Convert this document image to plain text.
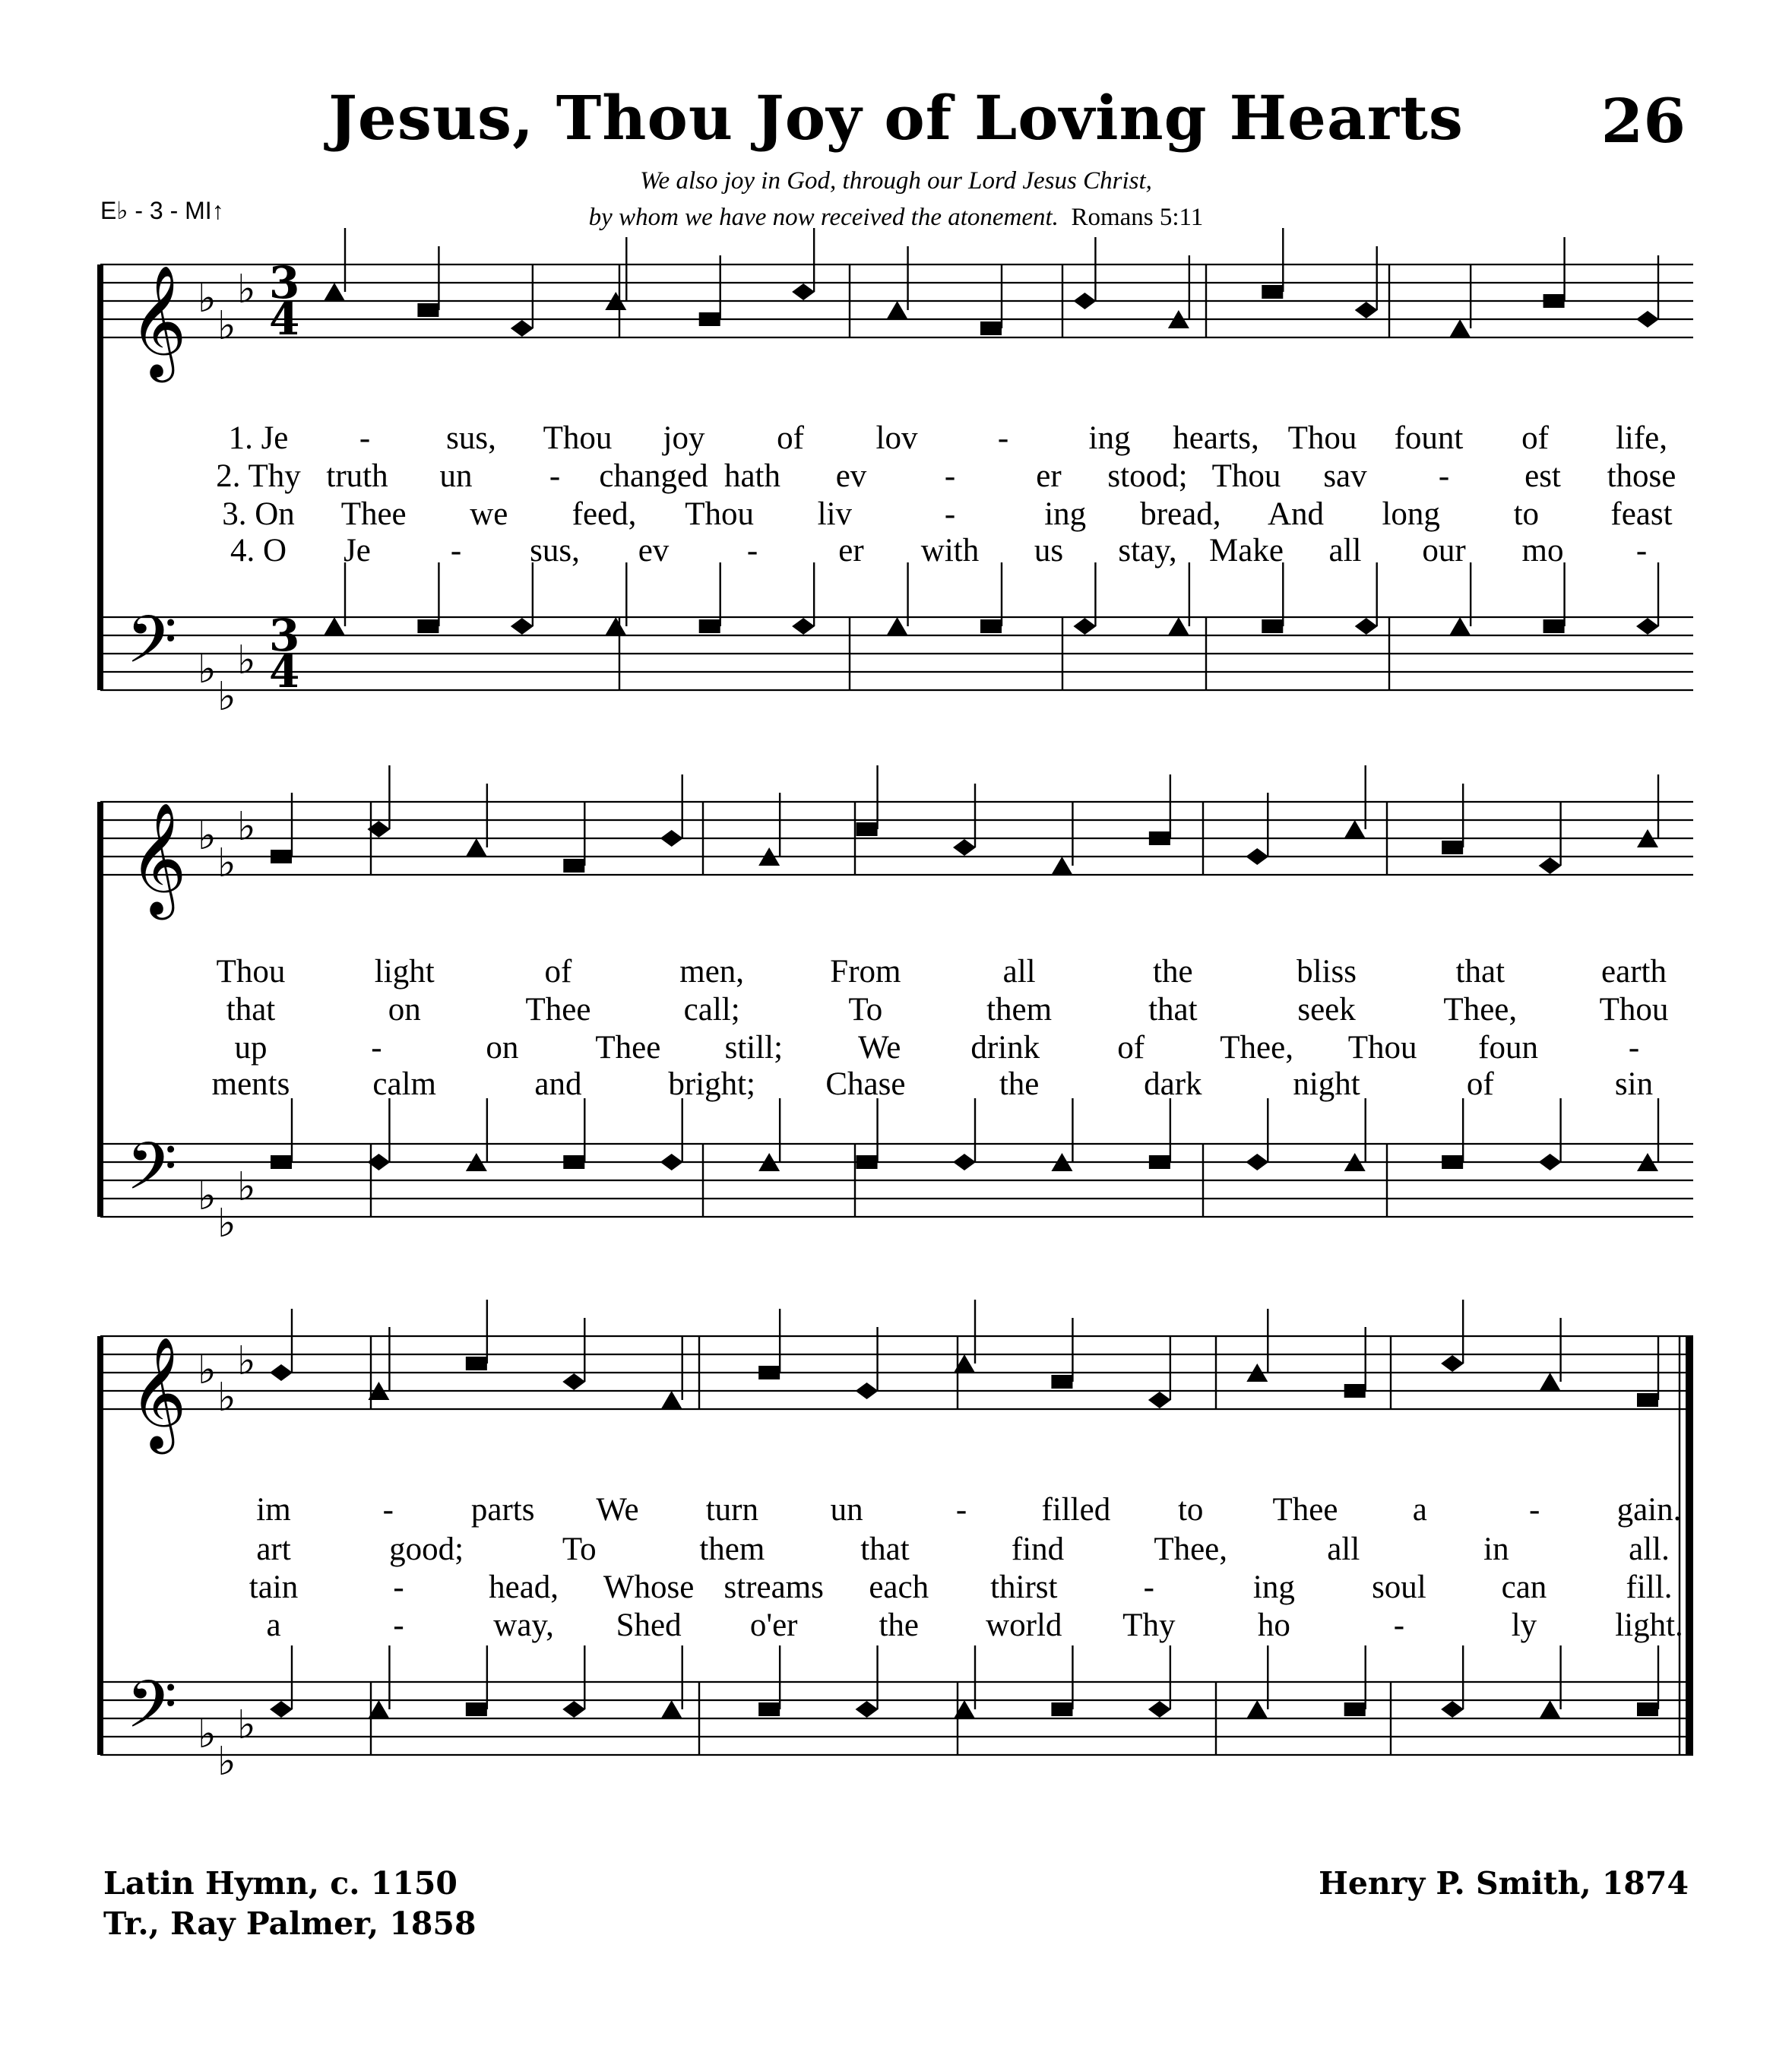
Jesus, Thou Joy of Loving Hearts	26
We also joy in God, through our Lord Jesus Christ,
by whom we have now received the atonement. Romans 5:11
E♭ - 3 - MI↑
𝄞 ♭
♭
♭ 3
4
𝄢 ♭
♭
♭ 3
4
1. Je - sus, Thou joy of lov - ing hearts, Thou fount of life,
2. Thy truth un - changed hath ev - er stood; Thou sav - est those
3. On Thee we feed, Thou liv	-	ing bread, And long to feast
4. O Je - sus, ev - er with us stay, Make all our mo -
𝄞 ♭
♭
♭
𝄢 ♭
♭
♭
Thou	light	of	men,	From	all	the	bliss	that	earth
that	on	Thee	call;	To	them	that	seek	Thee,	Thou
up	-	on Thee still; We drink of Thee, Thou foun	-
ments	calm	and	bright; Chase	the	dark	night	of	sin
𝄞 ♭
♭
♭
𝄢 ♭
♭
♭
im	- parts We turn un	- filled to Thee a	- gain.
art	good;	To	them	that	find	Thee,	all	in	all.
tain	-	head, Whose streams each thirst	-	ing soul can fill.
a	-	way, Shed o'er the world Thy	ho	-	ly light.
Latin Hymn, c. 1150
Tr., Ray Palmer, 1858
Henry P. Smith, 1874
